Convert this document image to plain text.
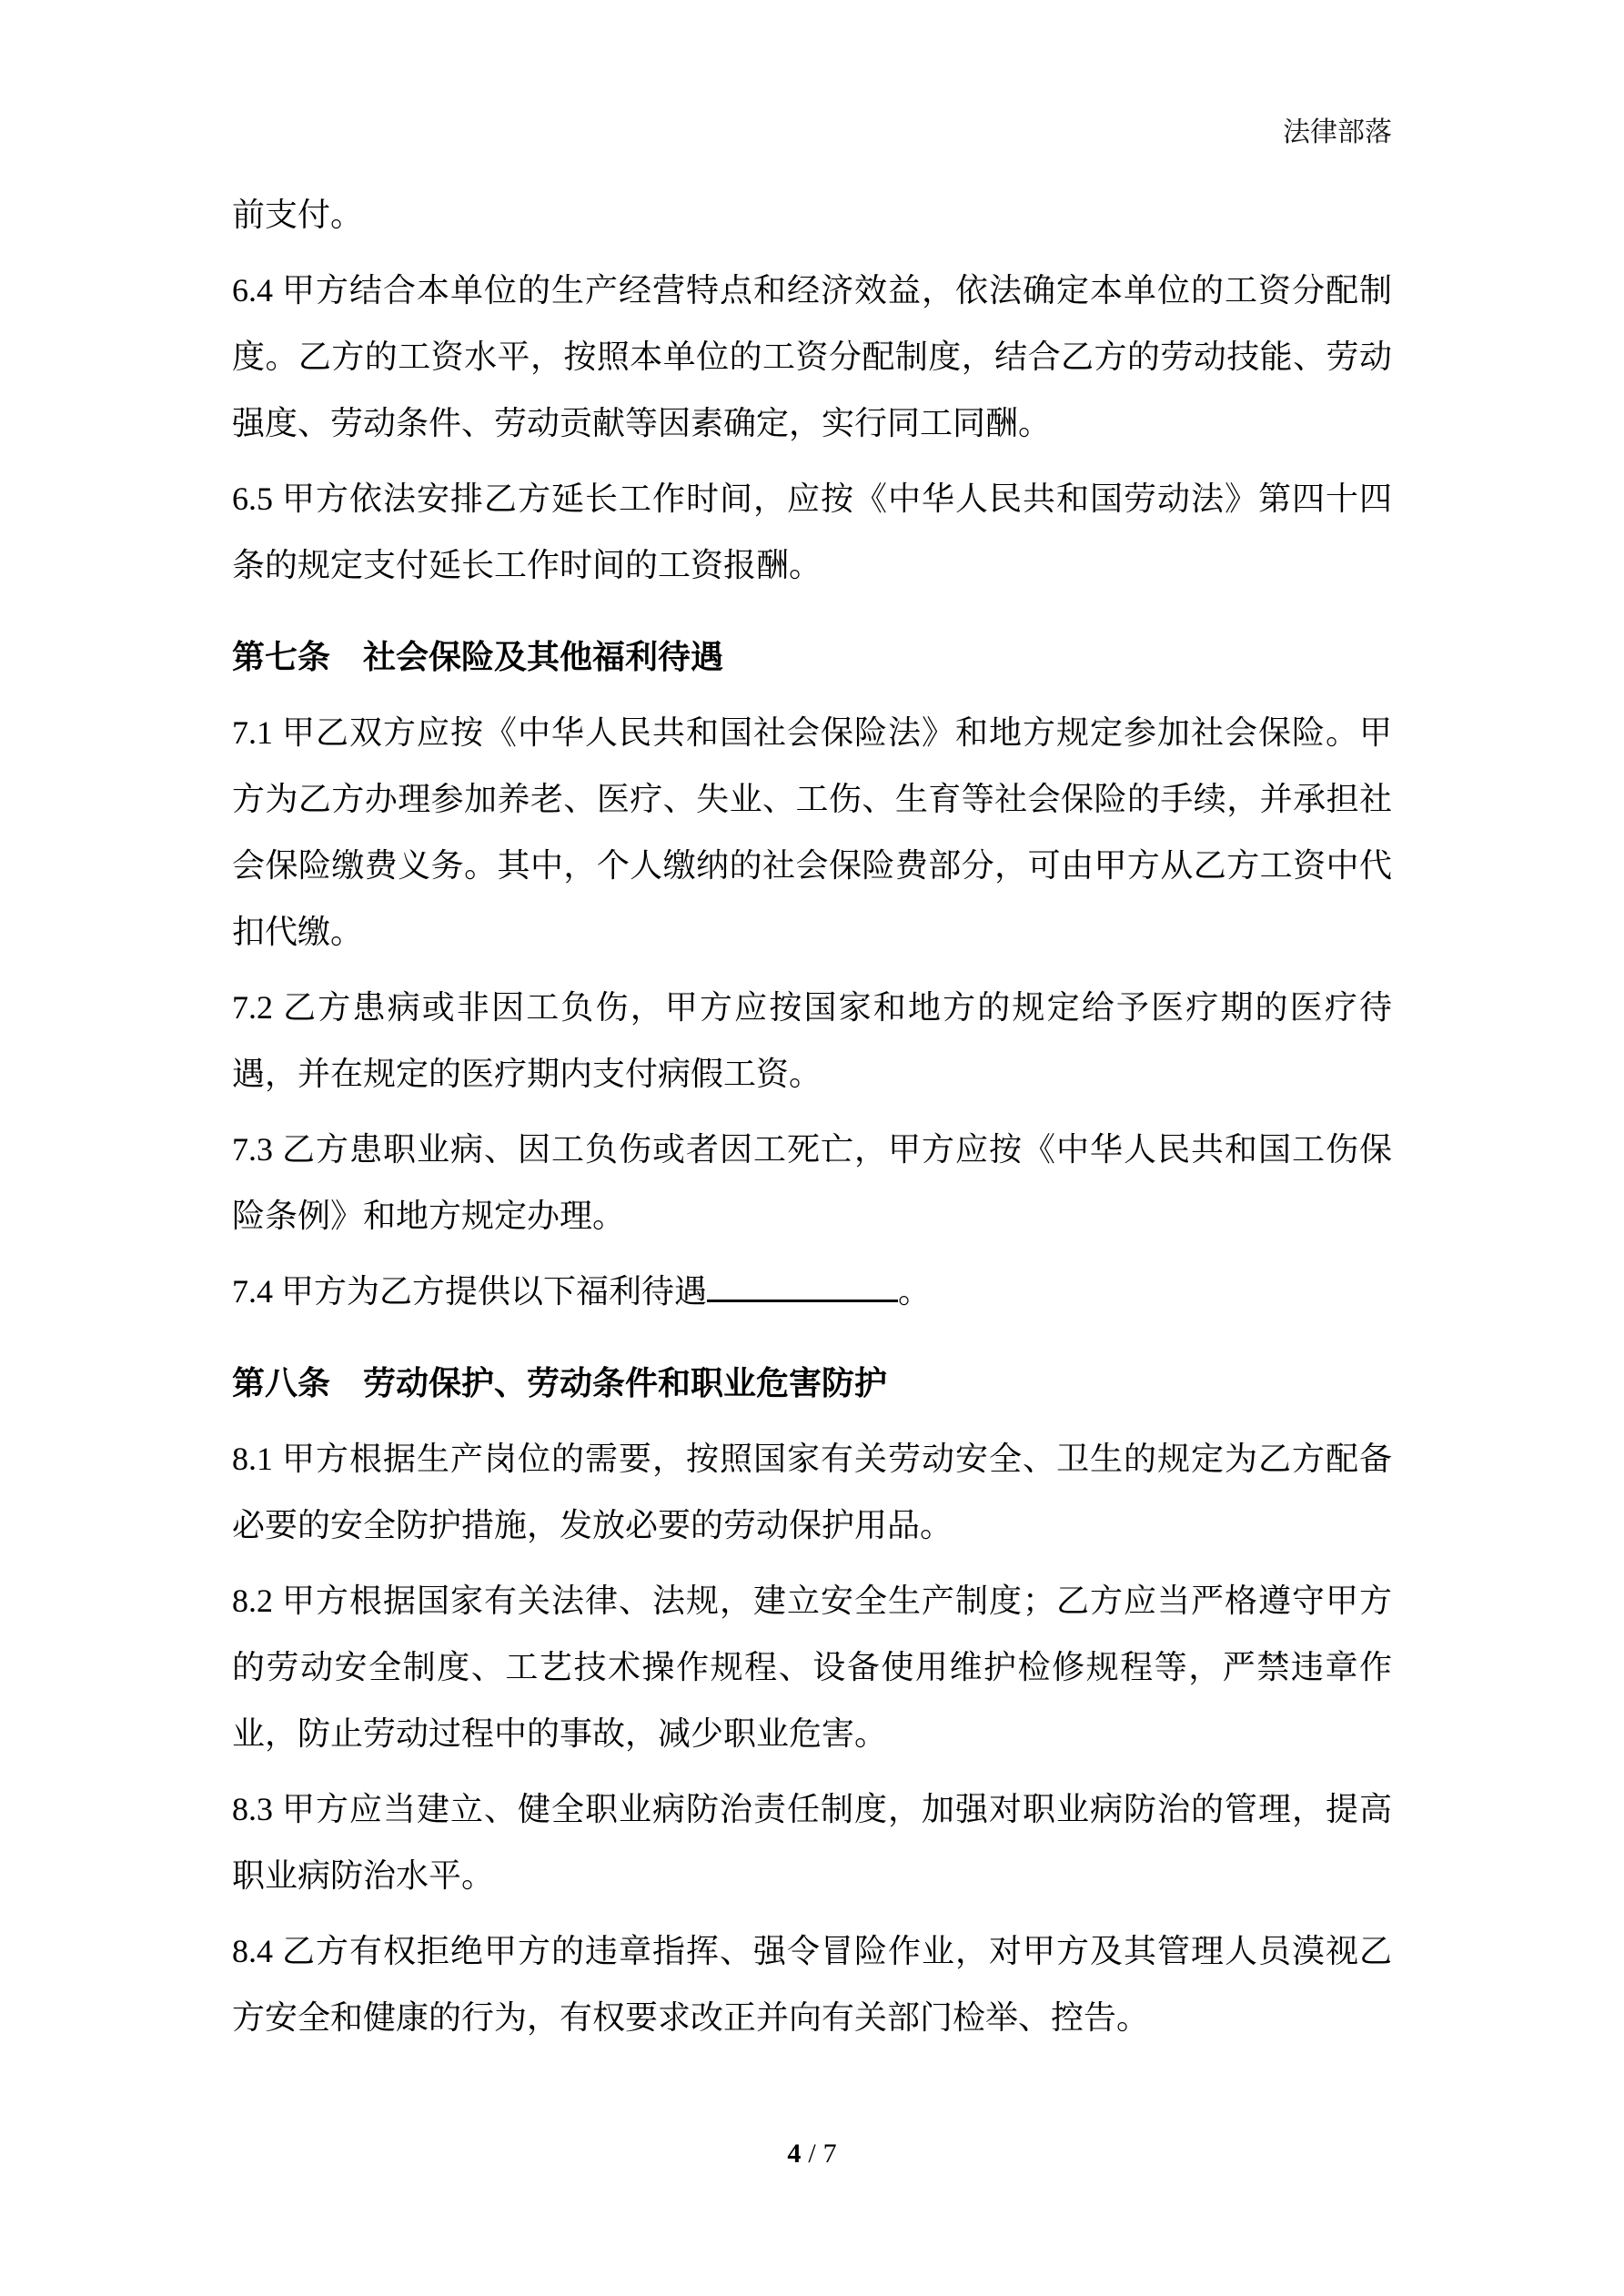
法律部落

前支付。

6.4 甲方结合本单位的生产经营特点和经济效益，依法确定本单位的工资分配制度。乙方的工资水平，按照本单位的工资分配制度，结合乙方的劳动技能、劳动强度、劳动条件、劳动贡献等因素确定，实行同工同酬。

6.5 甲方依法安排乙方延长工作时间，应按《中华人民共和国劳动法》第四十四条的规定支付延长工作时间的工资报酬。

第七条　社会保险及其他福利待遇

7.1 甲乙双方应按《中华人民共和国社会保险法》和地方规定参加社会保险。甲方为乙方办理参加养老、医疗、失业、工伤、生育等社会保险的手续，并承担社会保险缴费义务。其中，个人缴纳的社会保险费部分，可由甲方从乙方工资中代扣代缴。

7.2 乙方患病或非因工负伤，甲方应按国家和地方的规定给予医疗期的医疗待遇，并在规定的医疗期内支付病假工资。

7.3 乙方患职业病、因工负伤或者因工死亡，甲方应按《中华人民共和国工伤保险条例》和地方规定办理。

7.4 甲方为乙方提供以下福利待遇	。

第八条　劳动保护、劳动条件和职业危害防护

8.1 甲方根据生产岗位的需要，按照国家有关劳动安全、卫生的规定为乙方配备必要的安全防护措施，发放必要的劳动保护用品。

8.2 甲方根据国家有关法律、法规，建立安全生产制度；乙方应当严格遵守甲方的劳动安全制度、工艺技术操作规程、设备使用维护检修规程等，严禁违章作业，防止劳动过程中的事故，减少职业危害。

8.3 甲方应当建立、健全职业病防治责任制度，加强对职业病防治的管理，提高职业病防治水平。

8.4 乙方有权拒绝甲方的违章指挥、强令冒险作业，对甲方及其管理人员漠视乙方安全和健康的行为，有权要求改正并向有关部门检举、控告。

4 / 7
